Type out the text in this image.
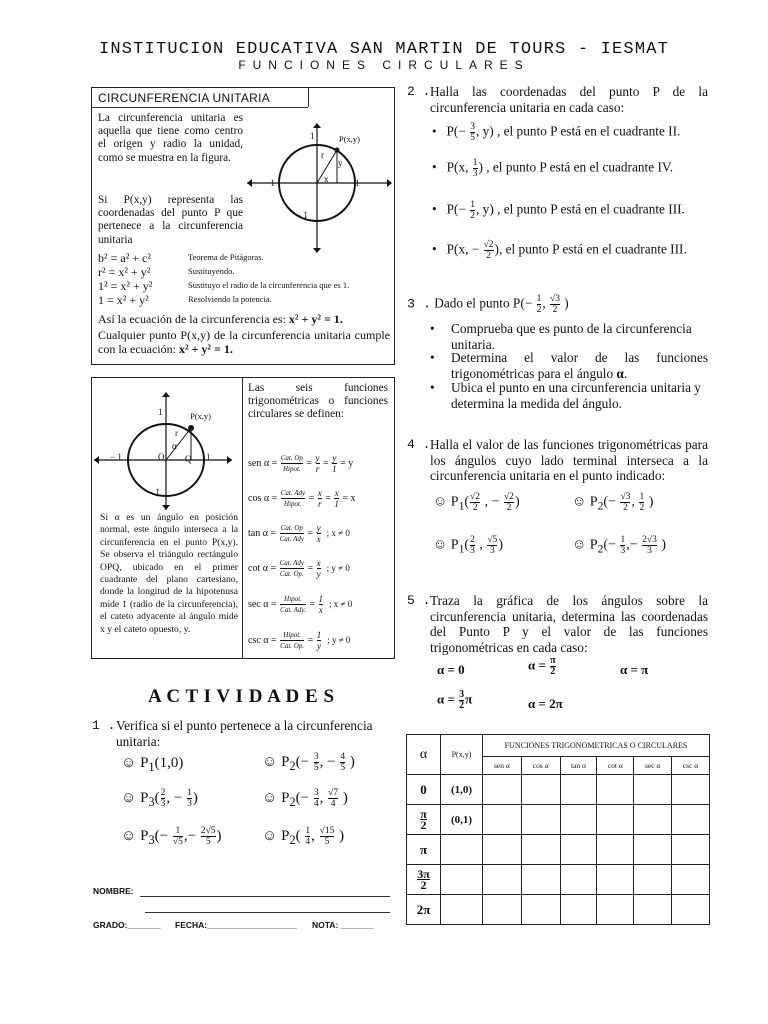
INSTITUCION EDUCATIVA SAN MARTIN DE TOURS - IESMAT
FUNCIONES CIRCULARES
CIRCUNFERENCIA UNITARIA
La circunferencia unitaria es aquella que tiene como centro el origen y radio la unidad, como se muestra en la figura.
Si P(x,y) representa las coordenadas del punto P que pertenece a la circunferencia unitaria
P(x,y)
1
1
− 1
− 1
r
y
x
b² = a² + c²	Teorema de Pitágoras.
r² = x² + y²	Sustituyendo.
1² = x² + y²	Sustituyo el radio de la circunferencia que es 1.
1 = x² + y²	Resolviendo la potencia.
Así la ecuación de la circunferencia es: x² + y² = 1.
Cualquier punto P(x,y) de la circunferencia unitaria cumple con la ecuación: x² + y² = 1.
P(x,y)
1
1
− 1
− 1
O Q
r
α
Si α es un ángulo en posición normal, este ángulo interseca a la circunferencia en el punto P(x,y). Se observa el triángulo rectángulo OPQ, ubicado en el primer cuadrante del plano cartesiano, donde la longitud de la hipotenusa mide 1 (radio de la circunferencia), el cateto adyacente al ángulo mide x y el cateto opuesto, y.
Las seis funciones trigonométricas o funciones circulares se definen:
sen $\alpha = \frac{\text{Cat. Op}}{\text{Hipot.}} = \frac{y}{r} = \frac{y}{1} = y$
$\cos \alpha = \frac{\text{Cat. Ady}}{\text{Hipot.}} = \frac{x}{r} = \frac{x}{1} = x$
$\tan \alpha = \frac{\text{Cat. Op}}{\text{Cat. Ady}} = \frac{y}{x}$ ; x ≠ 0
$\cot \alpha = \frac{\text{Cat. Ady}}{\text{Cat. Op.}} = \frac{x}{y}$ ; y ≠ 0
$\sec \alpha = \frac{\text{Hipot.}}{\text{Cat. Ady.}} = \frac{1}{x}$ ; x ≠ 0
$\csc \alpha = \frac{\text{Hipot.}}{\text{Cat. Op.}} = \frac{1}{y}$ ; y ≠ 0
A C T I V I D A D E S
1 . Verifica si el punto pertenece a la circunferencia unitaria:
☺ $P_1(1,0)$	☺ $P_2(- \frac{3}{5}$ , − $\frac{4}{5}$ )
☺ $P_3( \frac{2}{3}$ , − $\frac{1}{3}$ )	☺ $P_2(- \frac{3}{4}$ , $\frac{√7}{4}$ )
☺ $P_3(- \frac{1}{√5}$ ,− $\frac{2√5}{5}$ )	☺ $P_2( \frac{1}{4}$ , $\frac{√15}{5}$ )
NOMBRE:
GRADO:_______ FECHA:___________________ NOTA: _______
2 . Halla las coordenadas del punto P de la circunferencia unitaria en cada caso:
•   $P(- \frac{3}{5}$ , y) , el punto P está en el cuadrante II.
•   P(x, $\frac{1}{3}$ ) , el punto P está en el cuadrante IV.
•   $P(- \frac{1}{2}$ , y) , el punto P está en el cuadrante III.
•   P(x, − $\frac{√2}{2}$ ), el punto P está en el cuadrante III.
3 . Dado el punto $P(- \frac{1}{2}$ , $\frac{√3}{2}$ )
• Comprueba que es punto de la circunferencia unitaria.
• Determina el valor de las funciones trigonométricas para el ángulo α.
• Ubica el punto en una circunferencia unitaria y determina la medida del ángulo.
4 . Halla el valor de las funciones trigonométricas para los ángulos cuyo lado terminal interseca a la circunferencia unitaria en el punto indicado:
☺ $P_1( \frac{√2}{2}$ , − $\frac{√2}{2}$ )	☺ $P_2(- \frac{√3}{2}$ , $\frac{1}{2}$ )
☺ $P_1( \frac{2}{3}$ , $\frac{√5}{3}$ )	☺ $P_2(- \frac{1}{3}$ ,− $\frac{2√3}{3}$ )
5 . Traza la gráfica de los ángulos sobre la circunferencia unitaria, determina las coordenadas del Punto P y el valor de las funciones trigonométricas en cada caso:
α = 0	$\alpha = \frac{\pi}{2}$	α = π
$\alpha = \frac{3}{2}$ π	α = 2π
α	P(x,y)	FUNCIONES TRIGONOMETRICAS O CIRCULARES					
		sen α	cos α	tan α	cot α	sec α	csc α
0	(1,0)						

$\frac{\pi}{2}$	(0,1)						
π							

$\frac{3\pi}{2}$

2π							
